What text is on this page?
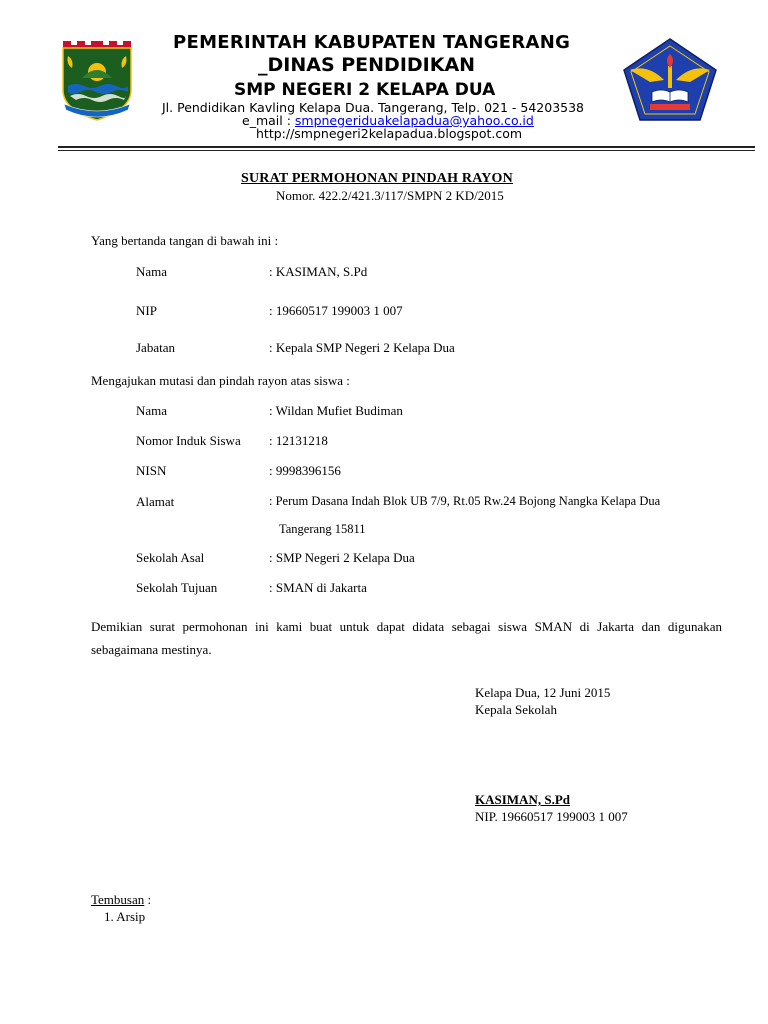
PEMERINTAH KABUPATEN TANGERANG
_DINAS PENDIDIKAN
SMP NEGERI 2 KELAPA DUA
Jl. Pendidikan Kavling Kelapa Dua. Tangerang, Telp. 021 - 54203538
e_mail : smpnegeriduakelapadua@yahoo.co.id
http://smpnegeri2kelapadua.blogspot.com
SURAT PERMOHONAN PINDAH RAYON
Nomor. 422.2/421.3/117/SMPN 2 KD/2015
Yang bertanda tangan di bawah ini :
Nama	: KASIMAN, S.Pd
NIP	: 19660517 199003 1 007
Jabatan	: Kepala SMP Negeri 2 Kelapa Dua
Mengajukan mutasi dan pindah rayon atas siswa :
Nama	: Wildan Mufiet Budiman
Nomor Induk Siswa : 12131218
NISN	: 9998396156
Alamat	: Perum Dasana Indah Blok UB 7/9, Rt.05 Rw.24 Bojong Nangka Kelapa Dua
Tangerang 15811
Sekolah Asal	: SMP Negeri 2 Kelapa Dua
Sekolah Tujuan	: SMAN di Jakarta
Demikian surat permohonan ini kami buat untuk dapat didata sebagai siswa SMAN di Jakarta dan digunakan sebagaimana mestinya.
Kelapa Dua, 12 Juni 2015
Kepala Sekolah
KASIMAN, S.Pd
NIP. 19660517 199003 1 007
Tembusan :
1. Arsip
